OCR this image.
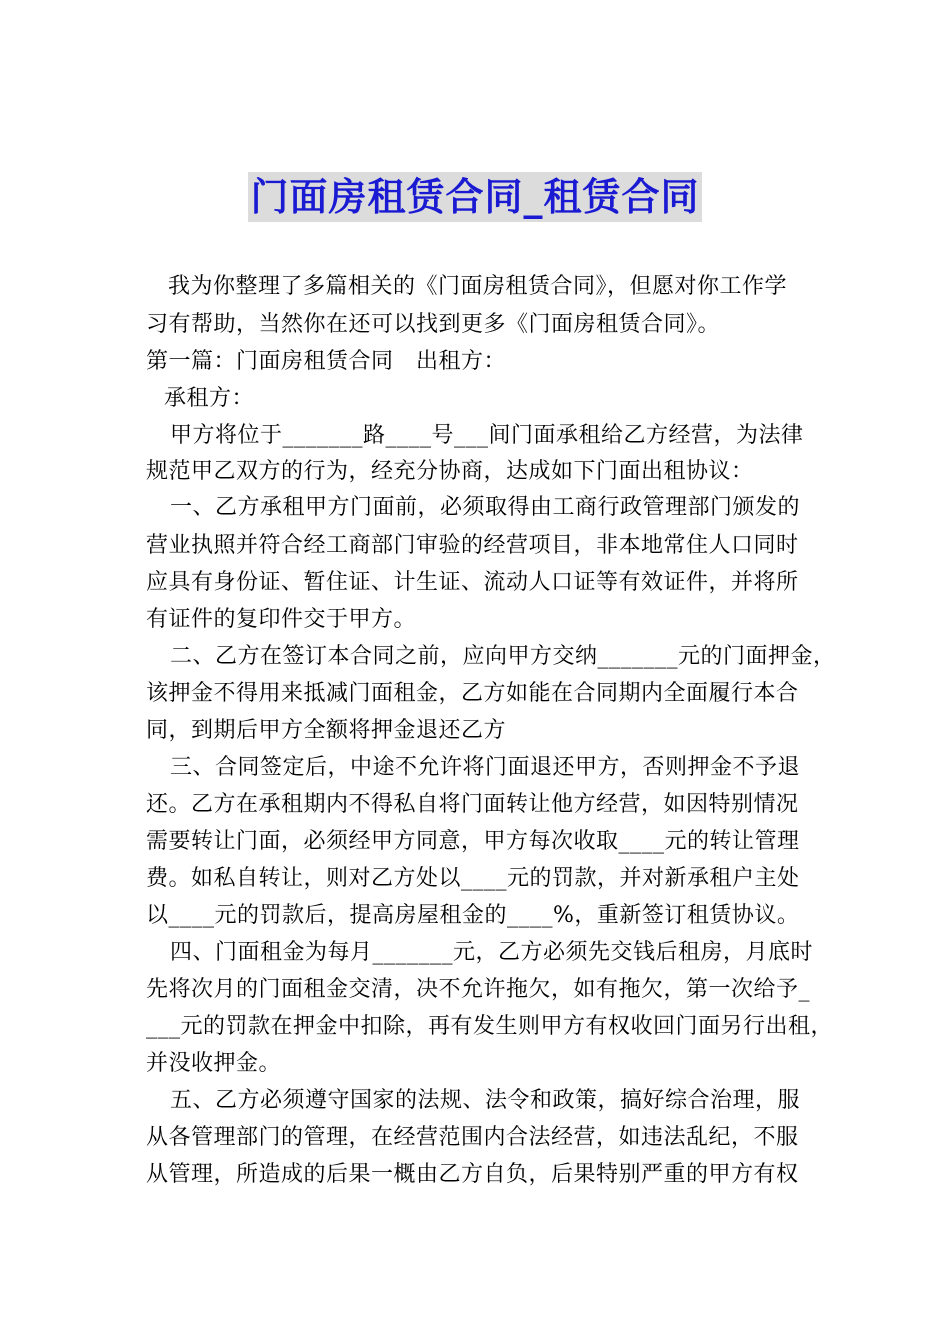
门面房租赁合同_租赁合同
我为你整理了多篇相关的《门面房租赁合同》，但愿对你工作学
习有帮助，当然你在还可以找到更多《门面房租赁合同》。
第一篇：门面房租赁合同　出租方：
承租方：
甲方将位于_______路____号___间门面承租给乙方经营，为法律
规范甲乙双方的行为，经充分协商，达成如下门面出租协议：
一、乙方承租甲方门面前，必须取得由工商行政管理部门颁发的
营业执照并符合经工商部门审验的经营项目，非本地常住人口同时
应具有身份证、暂住证、计生证、流动人口证等有效证件，并将所
有证件的复印件交于甲方。
二、乙方在签订本合同之前，应向甲方交纳_______元的门面押金，
该押金不得用来抵减门面租金，乙方如能在合同期内全面履行本合
同，到期后甲方全额将押金退还乙方
三、合同签定后，中途不允许将门面退还甲方，否则押金不予退
还。乙方在承租期内不得私自将门面转让他方经营，如因特别情况
需要转让门面，必须经甲方同意，甲方每次收取____元的转让管理
费。如私自转让，则对乙方处以____元的罚款，并对新承租户主处
以____元的罚款后，提高房屋租金的____%，重新签订租赁协议。
四、门面租金为每月_______元，乙方必须先交钱后租房，月底时
先将次月的门面租金交清，决不允许拖欠，如有拖欠，第一次给予_
___元的罚款在押金中扣除，再有发生则甲方有权收回门面另行出租，
并没收押金。
五、乙方必须遵守国家的法规、法令和政策，搞好综合治理，服
从各管理部门的管理，在经营范围内合法经营，如违法乱纪，不服
从管理，所造成的后果一概由乙方自负，后果特别严重的甲方有权
